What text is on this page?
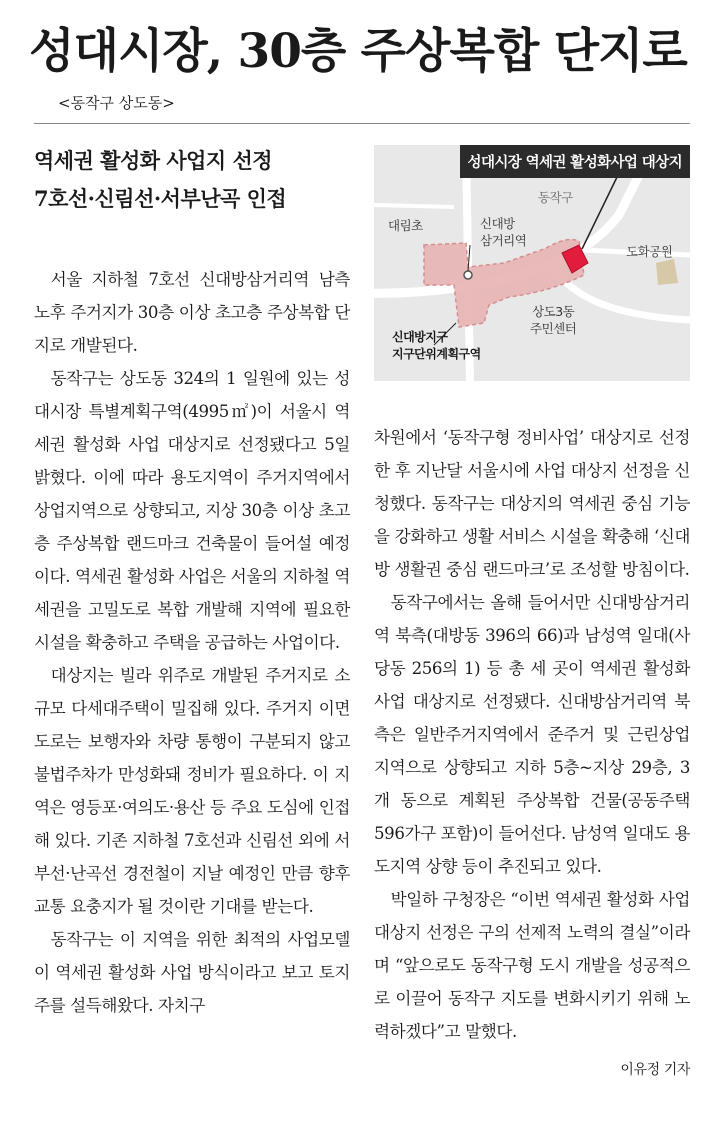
성대시장, 30층 주상복합 단지로
<동작구 상도동>
역세권 활성화 사업지 선정
7호선·신림선·서부난곡 인접
성대시장 역세권 활성화사업 대상지
동작구
대림초	신대방
삼거리역
도화공원
상도3동
주민센터
신대방지구
지구단위계획구역

서울 지하철 7호선 신대방삼거리역 남측 노후 주거지가 30층 이상 초고층 주상복합 단지로 개발된다.

동작구는 상도동 324의 1 일원에 있는 성대시장 특별계획구역(4995㎡)이 서울시 역세권 활성화 사업 대상지로 선정됐다고 5일 밝혔다. 이에 따라 용도지역이 주거지역에서 상업지역으로 상향되고, 지상 30층 이상 초고층 주상복합 랜드마크 건축물이 들어설 예정이다. 역세권 활성화 사업은 서울의 지하철 역세권을 고밀도로 복합 개발해 지역에 필요한 시설을 확충하고 주택을 공급하는 사업이다.

대상지는 빌라 위주로 개발된 주거지로 소규모 다세대주택이 밀집해 있다. 주거지 이면도로는 보행자와 차량 통행이 구분되지 않고 불법주차가 만성화돼 정비가 필요하다. 이 지역은 영등포·여의도·용산 등 주요 도심에 인접해 있다. 기존 지하철 7호선과 신림선 외에 서부선·난곡선 경전철이 지날 예정인 만큼 향후 교통 요충지가 될 것이란 기대를 받는다.

동작구는 이 지역을 위한 최적의 사업모델이 역세권 활성화 사업 방식이라고 보고 토지주를 설득해왔다. 자치구

차원에서 ‘동작구형 정비사업’ 대상지로 선정한 후 지난달 서울시에 사업 대상지 선정을 신청했다. 동작구는 대상지의 역세권 중심 기능을 강화하고 생활 서비스 시설을 확충해 ‘신대방 생활권 중심 랜드마크’로 조성할 방침이다.

동작구에서는 올해 들어서만 신대방삼거리역 북측(대방동 396의 66)과 남성역 일대(사당동 256의 1) 등 총 세 곳이 역세권 활성화 사업 대상지로 선정됐다. 신대방삼거리역 북측은 일반주거지역에서 준주거 및 근린상업지역으로 상향되고 지하 5층~지상 29층, 3개 동으로 계획된 주상복합 건물(공동주택 596가구 포함)이 들어선다. 남성역 일대도 용도지역 상향 등이 추진되고 있다.

박일하 구청장은 “이번 역세권 활성화 사업 대상지 선정은 구의 선제적 노력의 결실”이라며 “앞으로도 동작구형 도시 개발을 성공적으로 이끌어 동작구 지도를 변화시키기 위해 노력하겠다”고 말했다.

이유정 기자
